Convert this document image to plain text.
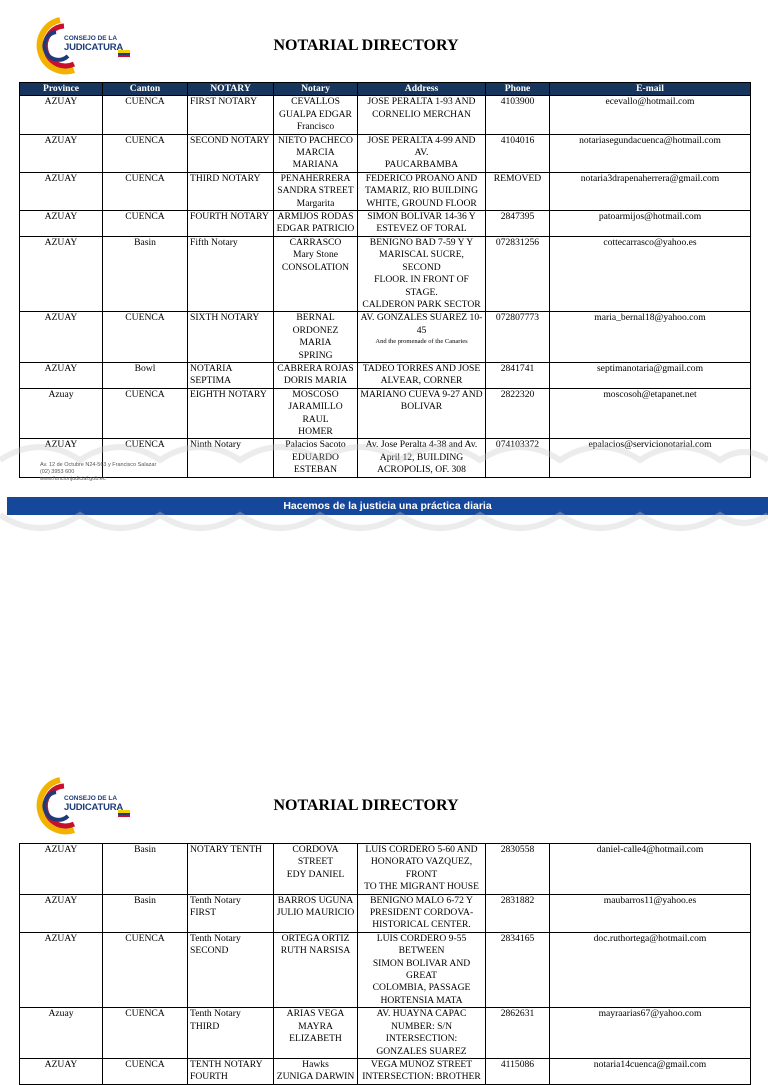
CONSEJO DE LA
JUDICATURA	NOTARIAL DIRECTORY
Province	Canton	NOTARY	Notary	Address	Phone	E-mail
AZUAY	CUENCA	FIRST NOTARY	CEVALLOS
GUALPA EDGAR
Francisco	JOSE PERALTA 1-93 AND
CORNELIO MERCHAN	4103900	ecevallo@hotmail.com
AZUAY	CUENCA	SECOND NOTARY	NIETO PACHECO
MARCIA MARIANA	JOSE PERALTA 4-99 AND AV.
PAUCARBAMBA	4104016	notariasegundacuenca@hotmail.com
AZUAY	CUENCA	THIRD NOTARY	PENAHERRERA
SANDRA STREET
Margarita	FEDERICO PROANO AND
TAMARIZ, RIO BUILDING
WHITE, GROUND FLOOR	REMOVED	notaria3drapenaherrera@gmail.com
AZUAY	CUENCA	FOURTH NOTARY	ARMIJOS RODAS
EDGAR PATRICIO	SIMON BOLIVAR 14-36 Y
ESTEVEZ OF TORAL	2847395	patoarmijos@hotmail.com
AZUAY	Basin	Fifth Notary	CARRASCO
Mary Stone
CONSOLATION	BENIGNO BAD 7-59 Y Y
MARISCAL SUCRE, SECOND
FLOOR. IN FRONT OF STAGE.
CALDERON PARK SECTOR	072831256	cottecarrasco@yahoo.es
AZUAY	CUENCA	SIXTH NOTARY	BERNAL ORDONEZ
MARIA
SPRING	AV. GONZALES SUAREZ 10-45
And the promenade of the Canaries	072807773	maria_bernal18@yahoo.com
AZUAY	Bowl	NOTARIA SEPTIMA	CABRERA ROJAS
DORIS MARIA	TADEO TORRES AND JOSE
ALVEAR, CORNER	2841741	septimanotaria@gmail.com
Azuay	CUENCA	EIGHTH NOTARY	MOSCOSO
JARAMILLO RAUL
HOMER	MARIANO CUEVA 9-27 AND
BOLIVAR	2822320	moscosoh@etapanet.net
AZUAY	CUENCA	Ninth Notary	Palacios Sacoto
EDUARDO
ESTEBAN	Av. Jose Peralta 4-38 and Av.
April 12, BUILDING
ACROPOLIS, OF. 308	074103372	epalacios@servicionotarial.com
Av. 12 de Octubre N24-563 y Francisco Salazar
(02) 3953 600
www.funcionjudicial.gob.ec
Hacemos de la justicia una práctica diaria
CONSEJO DE LA
JUDICATURA	NOTARIAL DIRECTORY
AZUAY	Basin	NOTARY TENTH	CORDOVA STREET
EDY DANIEL	LUIS CORDERO 5-60 AND
HONORATO VAZQUEZ, FRONT
TO THE MIGRANT HOUSE	2830558	daniel-calle4@hotmail.com
AZUAY	Basin	Tenth Notary
FIRST	BARROS UGUNA
JULIO MAURICIO	BENIGNO MALO 6-72 Y
PRESIDENT CORDOVA-
HISTORICAL CENTER.	2831882	maubarros11@yahoo.es
AZUAY	CUENCA	Tenth Notary
SECOND	ORTEGA ORTIZ
RUTH NARSISA	LUIS CORDERO 9-55 BETWEEN
SIMON BOLIVAR AND GREAT
COLOMBIA, PASSAGE
HORTENSIA MATA	2834165	doc.ruthortega@hotmail.com
Azuay	CUENCA	Tenth Notary
THIRD	ARIAS VEGA
MAYRA ELIZABETH	AV. HUAYNA CAPAC
NUMBER: S/N INTERSECTION:
GONZALES SUAREZ	2862631	mayraarias67@yahoo.com
AZUAY	CUENCA	TENTH NOTARY
FOURTH	Hawks
ZUNIGA DARWIN	VEGA MUNOZ STREET
INTERSECTION: BROTHER	4115086	notaria14cuenca@gmail.com
